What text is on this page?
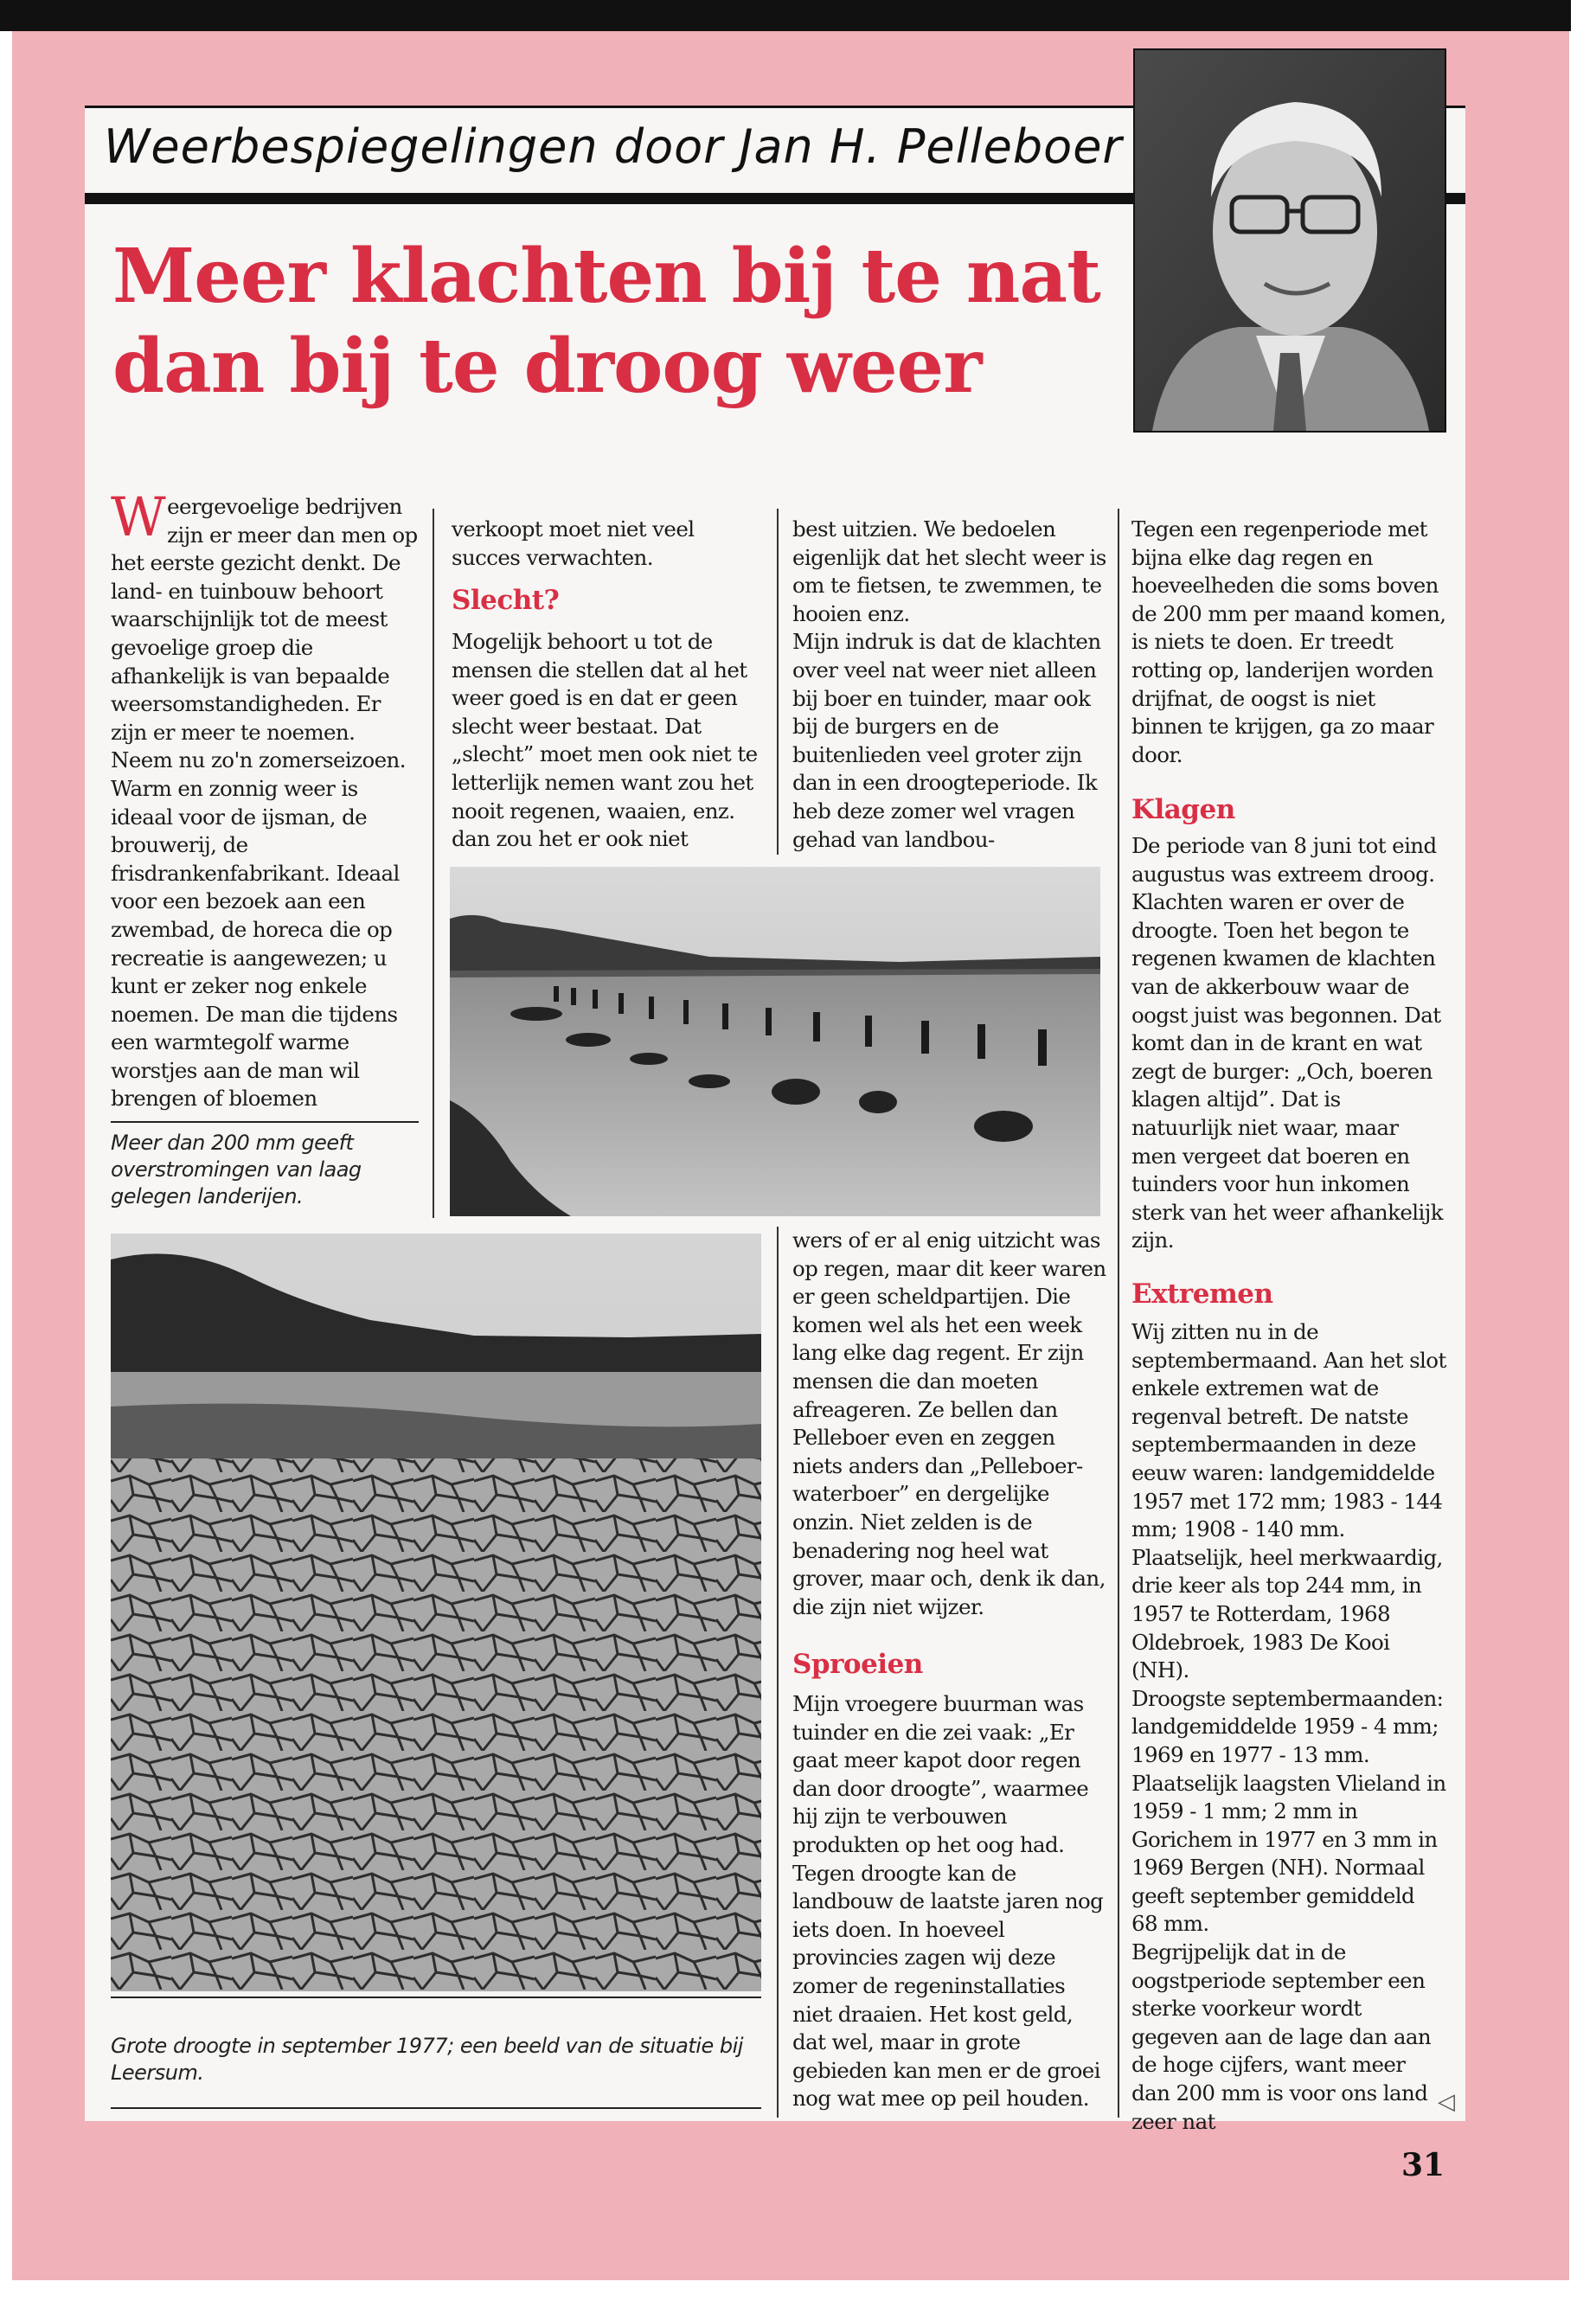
Weerbespiegelingen door Jan H. Pelleboer
Meer klachten bij te nat
dan bij te droog weer
W eergevoelige bedrijven zijn er meer dan men op het eerste gezicht denkt. De land- en tuinbouw behoort waarschijnlijk tot de meest gevoelige groep die afhankelijk is van bepaalde weersomstandigheden. Er zijn er meer te noemen.

Neem nu zo'n zomerseizoen. Warm en zonnig weer is ideaal voor de ijsman, de brouwerij, de frisdrankenfabrikant. Ideaal voor een bezoek aan een zwembad, de horeca die op recreatie is aangewezen; u kunt er zeker nog enkele noemen. De man die tijdens een warmtegolf warme worstjes aan de man wil brengen of bloemen

Meer dan 200 mm geeft overstromingen van laag gelegen landerijen.

verkoopt moet niet veel succes verwachten.

Slecht?

Mogelijk behoort u tot de mensen die stellen dat al het weer goed is en dat er geen slecht weer bestaat. Dat „slecht” moet men ook niet te letterlijk nemen want zou het nooit regenen, waaien, enz. dan zou het er ook niet

best uitzien. We bedoelen eigenlijk dat het slecht weer is om te fietsen, te zwemmen, te hooien enz.

Mijn indruk is dat de klachten over veel nat weer niet alleen bij boer en tuinder, maar ook bij de burgers en de buitenlieden veel groter zijn dan in een droogteperiode. Ik heb deze zomer wel vragen gehad van landbou-

Grote droogte in september 1977; een beeld van de situatie bij Leersum.

wers of er al enig uitzicht was op regen, maar dit keer waren er geen scheldpartijen. Die komen wel als het een week lang elke dag regent. Er zijn mensen die dan moeten afreageren. Ze bellen dan Pelleboer even en zeggen niets anders dan „Pelleboer-waterboer” en dergelijke onzin. Niet zelden is de benadering nog heel wat grover, maar och, denk ik dan, die zijn niet wijzer.

Sproeien

Mijn vroegere buurman was tuinder en die zei vaak: „Er gaat meer kapot door regen dan door droogte”, waarmee hij zijn te verbouwen produkten op het oog had. Tegen droogte kan de landbouw de laatste jaren nog iets doen. In hoeveel provincies zagen wij deze zomer de regeninstallaties niet draaien. Het kost geld, dat wel, maar in grote gebieden kan men er de groei nog wat mee op peil houden.

Tegen een regenperiode met bijna elke dag regen en hoeveelheden die soms boven de 200 mm per maand komen, is niets te doen. Er treedt rotting op, landerijen worden drijfnat, de oogst is niet binnen te krijgen, ga zo maar door.

Klagen

De periode van 8 juni tot eind augustus was extreem droog. Klachten waren er over de droogte. Toen het begon te regenen kwamen de klachten van de akkerbouw waar de oogst juist was begonnen. Dat komt dan in de krant en wat zegt de burger: „Och, boeren klagen altijd”. Dat is natuurlijk niet waar, maar men vergeet dat boeren en tuinders voor hun inkomen sterk van het weer afhankelijk zijn.

Extremen

Wij zitten nu in de septembermaand. Aan het slot enkele extremen wat de regenval betreft. De natste septembermaanden in deze eeuw waren: landgemiddelde 1957 met 172 mm; 1983 - 144 mm; 1908 - 140 mm. Plaatselijk, heel merkwaardig, drie keer als top 244 mm, in 1957 te Rotterdam, 1968 Oldebroek, 1983 De Kooi (NH).

Droogste septembermaanden: landgemiddelde 1959 - 4 mm; 1969 en 1977 - 13 mm. Plaatselijk laagsten Vlieland in 1959 - 1 mm; 2 mm in Gorichem in 1977 en 3 mm in 1969 Bergen (NH). Normaal geeft september gemiddeld 68 mm.

Begrijpelijk dat in de oogstperiode september een sterke voorkeur wordt gegeven aan de lage dan aan de hoge cijfers, want meer dan 200 mm is voor ons land zeer nat

◁
31
